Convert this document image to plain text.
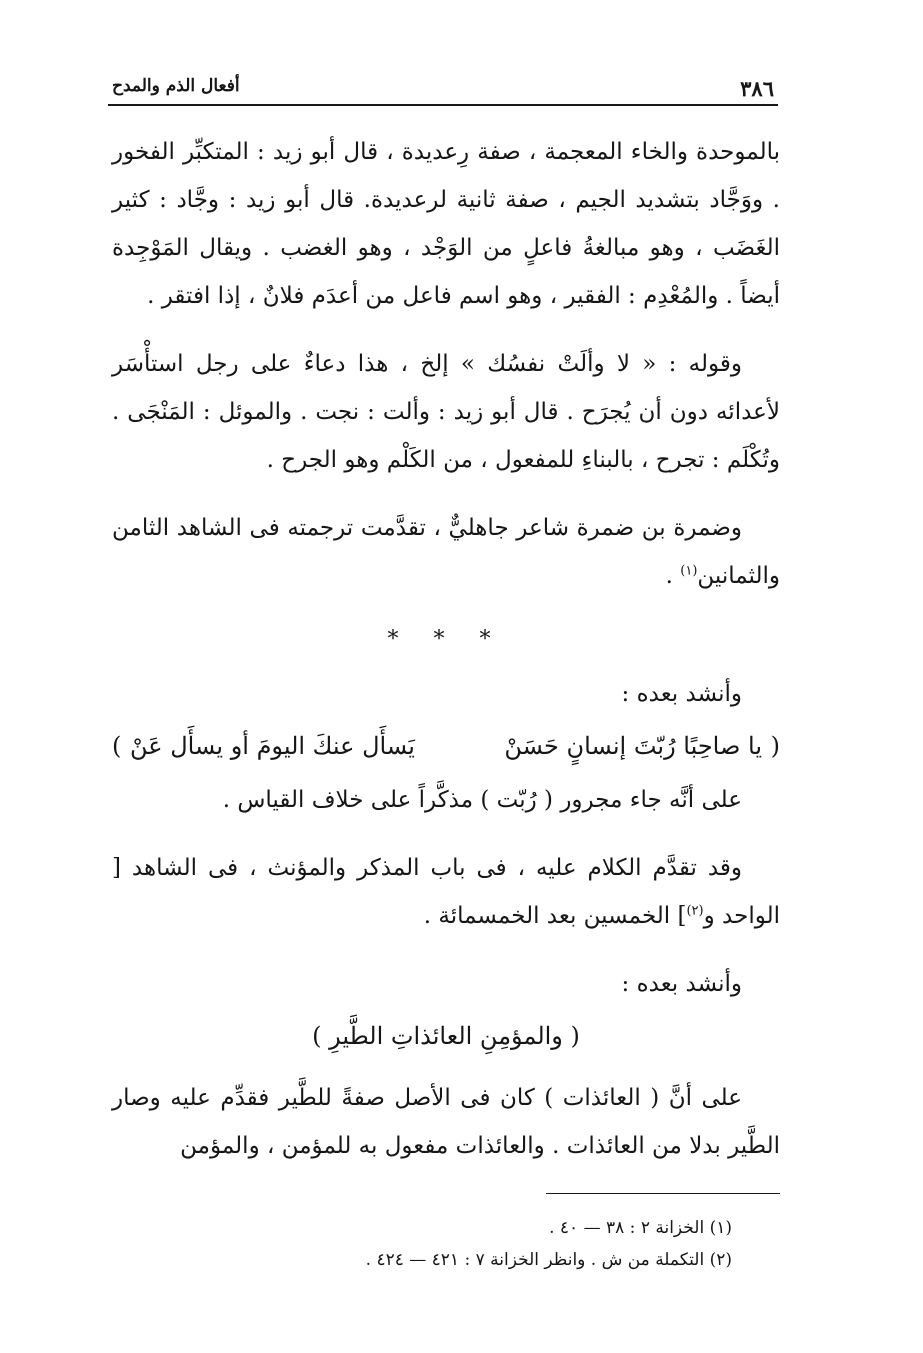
٣٨٦
أفعال الذم والمدح

بالموحدة والخاء المعجمة ، صفة رِعديدة ، قال أبو زيد : المتكبِّر الفخور . ووَجَّاد بتشديد الجيم ، صفة ثانية لرعديدة. قال أبو زيد : وجَّاد : كثير الغَضَب ، وهو مبالغةُ فاعلٍ من الوَجْد ، وهو الغضب . ويقال المَوْجِدة أيضاً . والمُعْدِم : الفقير ، وهو اسم فاعل من أعدَم فلانٌ ، إذا افتقر .

وقوله : « لا وألَتْ نفسُك » إلخ ، هذا دعاءٌ على رجل استأْسَر لأعدائه دون أن يُجرَح . قال أبو زيد : وألت : نجت . والموئل : المَنْجَى . وتُكْلَم : تجرح ، بالبناءِ للمفعول ، من الكَلْم وهو الجرح .

وضمرة بن ضمرة شاعر جاهليٌّ ، تقدَّمت ترجمته فى الشاهد الثامن والثمانين$^{(١)}$ .

* * *

وأنشد بعده :

(
يا صاحِبًا رُبّتَ إنسانٍ حَسَنْ
يَسأَل عنكَ اليومَ أو يسأَل عَنْ
)

على أنَّه جاء مجرور ( رُبّت ) مذكَّراً على خلاف القياس .

وقد تقدَّم الكلام عليه ، فى باب المذكر والمؤنث ، فى الشاهد [ الواحد و$^{(٢)}$] الخمسين بعد الخمسمائة .

وأنشد بعده :

( والمؤمِنِ العائذاتِ الطَّيرِ )

على أنَّ ( العائذات ) كان فى الأصل صفةً للطَّير فقدِّم عليه وصار الطَّير بدلا من العائذات . والعائذات مفعول به للمؤمن ، والمؤمن

(١) الخزانة ٢ : ٣٨ — ٤٠ .

(٢) التكملة من ش . وانظر الخزانة ٧ : ٤٢١ — ٤٢٤ .
